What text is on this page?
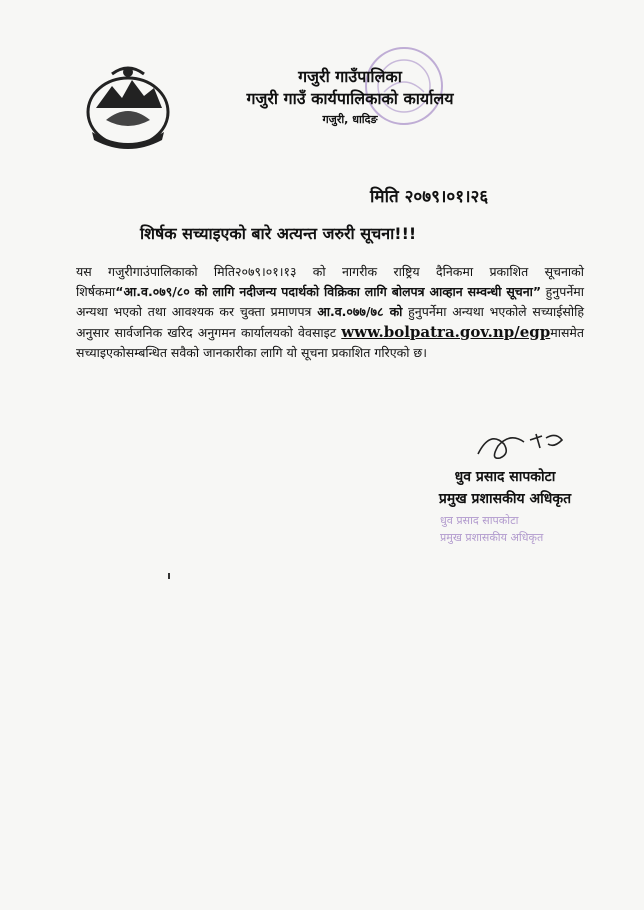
गजुरी गाउँपालिका
गजुरी गाउँ कार्यपालिकाको कार्यालय
गजुरी, धादिङ
मिति २०७९।०१।२६
शिर्षक सच्याइएको बारे अत्यन्त जरुरी सूचना!!!
यस गजुरीगाउंपालिकाको मिति२०७९।०१।१३ को नागरीक राष्ट्रिय दैनिकमा प्रकाशित सूचनाको शिर्षकमा“आ.व.०७९/८० को लागि नदीजन्य पदार्थको विक्रिका लागि बोलपत्र आव्हान सम्वन्धी सूचना” हुनुपर्नेमा अन्यथा भएको तथा आवश्यक कर चुक्ता प्रमाणपत्र आ.व.०७७/७८ को हुनुपर्नेमा अन्यथा भएकोले सच्याईसोहि अनुसार सार्वजनिक खरिद अनुगमन कार्यालयको वेवसाइट www.bolpatra.gov.np/egpमासमेत सच्याइएकोसम्बन्धित सवैको जानकारीका लागि यो सूचना प्रकाशित गरिएको छ।
धुव प्रसाद सापकोटा
प्रमुख प्रशासकीय अधिकृत
धुव प्रसाद सापकोटा
प्रमुख प्रशासकीय अधिकृत
